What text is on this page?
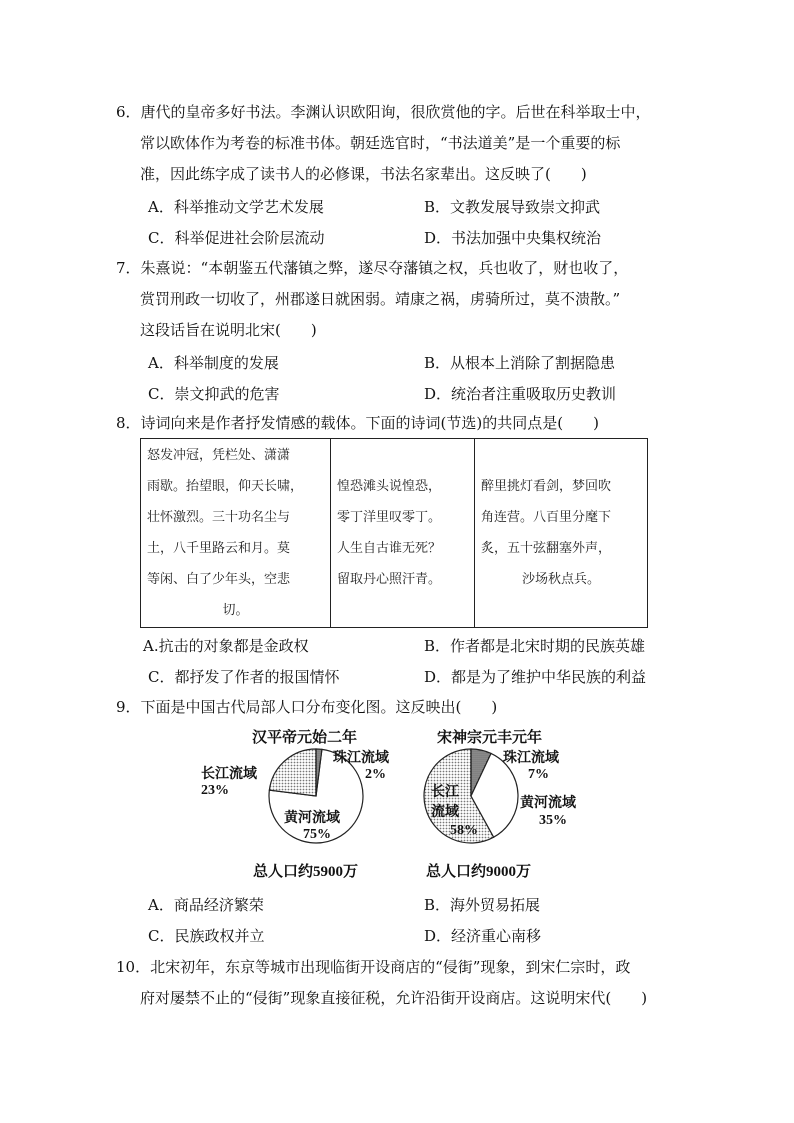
6．唐代的皇帝多好书法。李渊认识欧阳询，很欣赏他的字。后世在科举取士中，
常以欧体作为考卷的标准书体。朝廷选官时，“书法道美”是一个重要的标
准，因此练字成了读书人的必修课，书法名家辈出。这反映了(　　)
A．科举推动文学艺术发展	B．文教发展导致崇文抑武
C．科举促进社会阶层流动	D．书法加强中央集权统治
7．朱熹说：“本朝鉴五代藩镇之弊，遂尽夺藩镇之权，兵也收了，财也收了，
赏罚刑政一切收了，州郡遂日就困弱。靖康之祸，虏骑所过，莫不溃散。”
这段话旨在说明北宋(　　)
A．科举制度的发展	B．从根本上消除了割据隐患
C．崇文抑武的危害	D．统治者注重吸取历史教训
8．诗词向来是作者抒发情感的载体。下面的诗词(节选)的共同点是(　　)
怒发冲冠，凭栏处、潇潇
雨歇。抬望眼，仰天长啸，
壮怀激烈。三十功名尘与
土，八千里路云和月。莫
等闲、白了少年头，空悲
切。

惶恐滩头说惶恐，
零丁洋里叹零丁。
人生自古谁无死？
留取丹心照汗青。

醉里挑灯看剑，梦回吹
角连营。八百里分麾下
炙，五十弦翻塞外声，
沙场秋点兵。
A.抗击的对象都是金政权	B．作者都是北宋时期的民族英雄
C．都抒发了作者的报国情怀	D．都是为了维护中华民族的利益
9．下面是中国古代局部人口分布变化图。这反映出(　　)
汉平帝元始二年
长江流域
23%
珠江流域
2%
黄河流域
75%
总人口约5900万
宋神宗元丰元年
长江流域
58%
珠江流域
7%
黄河流域
35%
总人口约9000万
A．商品经济繁荣	B．海外贸易拓展
C．民族政权并立	D．经济重心南移
10．北宋初年，东京等城市出现临街开设商店的“侵街”现象，到宋仁宗时，政
府对屡禁不止的“侵街”现象直接征税，允许沿街开设商店。这说明宋代(　　)
